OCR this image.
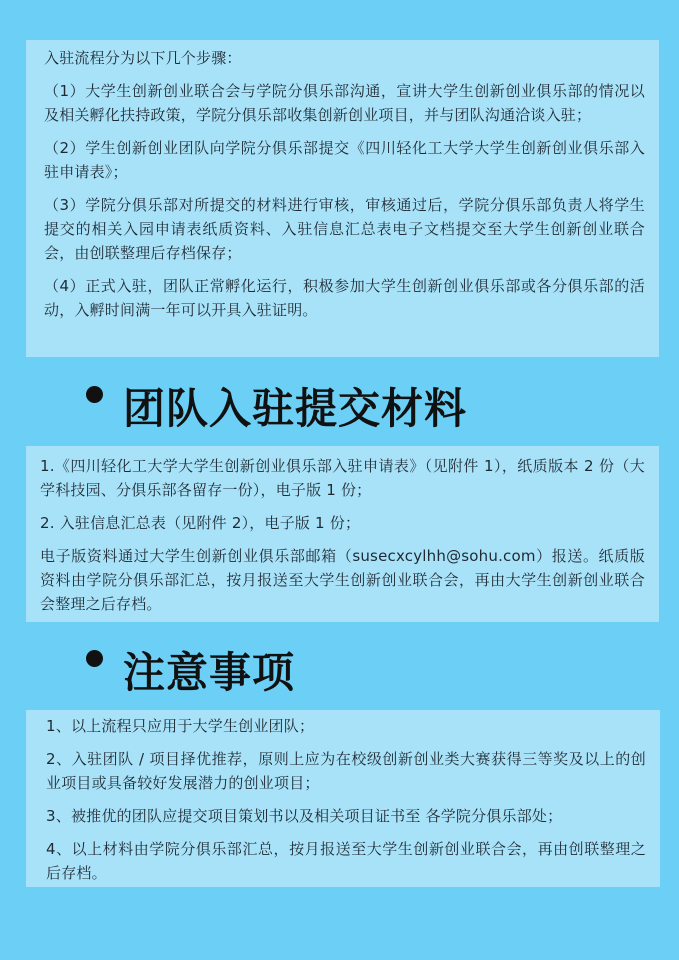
入驻流程分为以下几个步骤：

（1）大学生创新创业联合会与学院分俱乐部沟通，宣讲大学生创新创业俱乐部的情况以及相关孵化扶持政策，学院分俱乐部收集创新创业项目，并与团队沟通洽谈入驻；

（2）学生创新创业团队向学院分俱乐部提交《四川轻化工大学大学生创新创业俱乐部入驻申请表》；

（3）学院分俱乐部对所提交的材料进行审核，审核通过后，学院分俱乐部负责人将学生提交的相关入园申请表纸质资料、入驻信息汇总表电子文档提交至大学生创新创业联合会，由创联整理后存档保存；

（4）正式入驻，团队正常孵化运行，积极参加大学生创新创业俱乐部或各分俱乐部的活动，入孵时间满一年可以开具入驻证明。

团队入驻提交材料

1.《四川轻化工大学大学生创新创业俱乐部入驻申请表》（见附件 1），纸质版本 2 份（大学科技园、分俱乐部各留存一份），电子版 1 份；

2. 入驻信息汇总表（见附件 2），电子版 1 份；

电子版资料通过大学生创新创业俱乐部邮箱（susecxcylhh@sohu.com）报送。纸质版资料由学院分俱乐部汇总，按月报送至大学生创新创业联合会，再由大学生创新创业联合会整理之后存档。

注意事项

1、以上流程只应用于大学生创业团队；

2、入驻团队 / 项目择优推荐，原则上应为在校级创新创业类大赛获得三等奖及以上的创业项目或具备较好发展潜力的创业项目；

3、被推优的团队应提交项目策划书以及相关项目证书至 各学院分俱乐部处；

4、以上材料由学院分俱乐部汇总，按月报送至大学生创新创业联合会，再由创联整理之后存档。
